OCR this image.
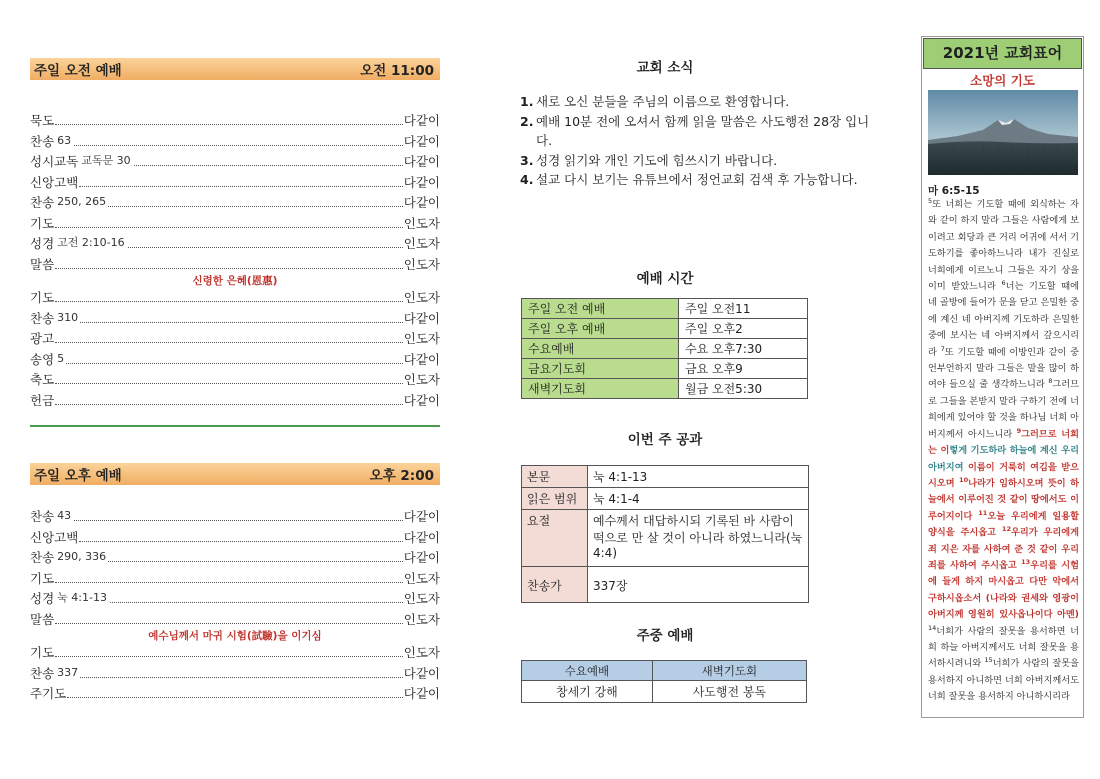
주일 오전 예배	오전 11:00
묵도	다같이
찬송 63	다같이
성시교독 교독문 30	다같이
신앙고백	다같이
찬송 250, 265	다같이
기도	인도자
성경 고전 2:10-16	인도자
말씀	인도자
신령한 은혜(恩惠)
기도	인도자
찬송 310	다같이
광고	인도자
송영 5	다같이
축도	인도자
헌금	다같이
주일 오후 예배	오후 2:00
찬송 43	다같이
신앙고백	다같이
찬송 290, 336	다같이
기도	인도자
성경 눅 4:1-13	인도자
말씀	인도자
예수님께서 마귀 시험(試驗)을 이기심
기도	인도자
찬송 337	다같이
주기도	다같이
교회 소식
1. 새로 오신 분들을 주님의 이름으로 환영합니다.
2. 예배 10분 전에 오셔서 함께 읽을 말씀은 사도행전 28장 입니다.
3. 성경 읽기와 개인 기도에 힘쓰시기 바랍니다.
4. 설교 다시 보기는 유튜브에서 정언교회 검색 후 가능합니다.
예배 시간
주일 오전 예배	주일 오전11
주일 오후 예배	주일 오후2
수요예배	수요 오후7:30
금요기도회	금요 오후9
새벽기도회	월금 오전5:30
이번 주 공과
본문	눅 4:1-13
읽은 범위	눅 4:1-4
요절	예수께서 대답하시되 기록된 바 사람이 떡으로 만 살 것이 아니라 하였느니라(눅 4:4)
찬송가	337장
주중 예배
수요예배	새벽기도회
창세기 강해	사도행전 봉독
2021년 교회표어
소망의 기도
마 6:5-15
$^5$또 너희는 기도할 때에 외식하는 자와 같이 하지 말라 그들은 사람에게 보이려고 회당과 큰 거리 어귀에 서서 기도하기를 좋아하느니라 내가 진실로 너희에게 이르노니 그들은 자기 상을 이미 받았느니라 $^6$너는 기도할 때에 네 골방에 들어가 문을 닫고 은밀한 중에 계신 네 아버지께 기도하라 은밀한 중에 보시는 네 아버지께서 갚으시리라 $^7$또 기도할 때에 이방인과 같이 중언부언하지 말라 그들은 말을 많이 하여야 들으실 줄 생각하느니라 $^8$그러므로 그들을 본받지 말라 구하기 전에 너희에게 있어야 할 것을 하나님 너희 아버지께서 아시느니라 $^9$그러므로 너희는 이렇게 기도하라 하늘에 계신 우리 아버지여 이름이 거룩히 여김을 받으시오며 $^{10}$나라가 임하시오며 뜻이 하늘에서 이루어진 것 같이 땅에서도 이루어지이다 $^{11}$오늘 우리에게 일용할 양식을 주시옵고 $^{12}$우리가 우리에게 죄 지은 자를 사하여 준 것 같이 우리 죄를 사하여 주시옵고 $^{13}$우리를 시험에 들게 하지 마시옵고 다만 악에서 구하시옵소서 (나라와 권세와 영광이 아버지께 영원히 있사옵나이다 아멘) $^{14}$너희가 사람의 잘못을 용서하면 너희 하늘 아버지께서도 너희 잘못을 용서하시려니와 $^{15}$너희가 사람의 잘못을 용서하지 아니하면 너희 아버지께서도 너희 잘못을 용서하지 아니하시리라
